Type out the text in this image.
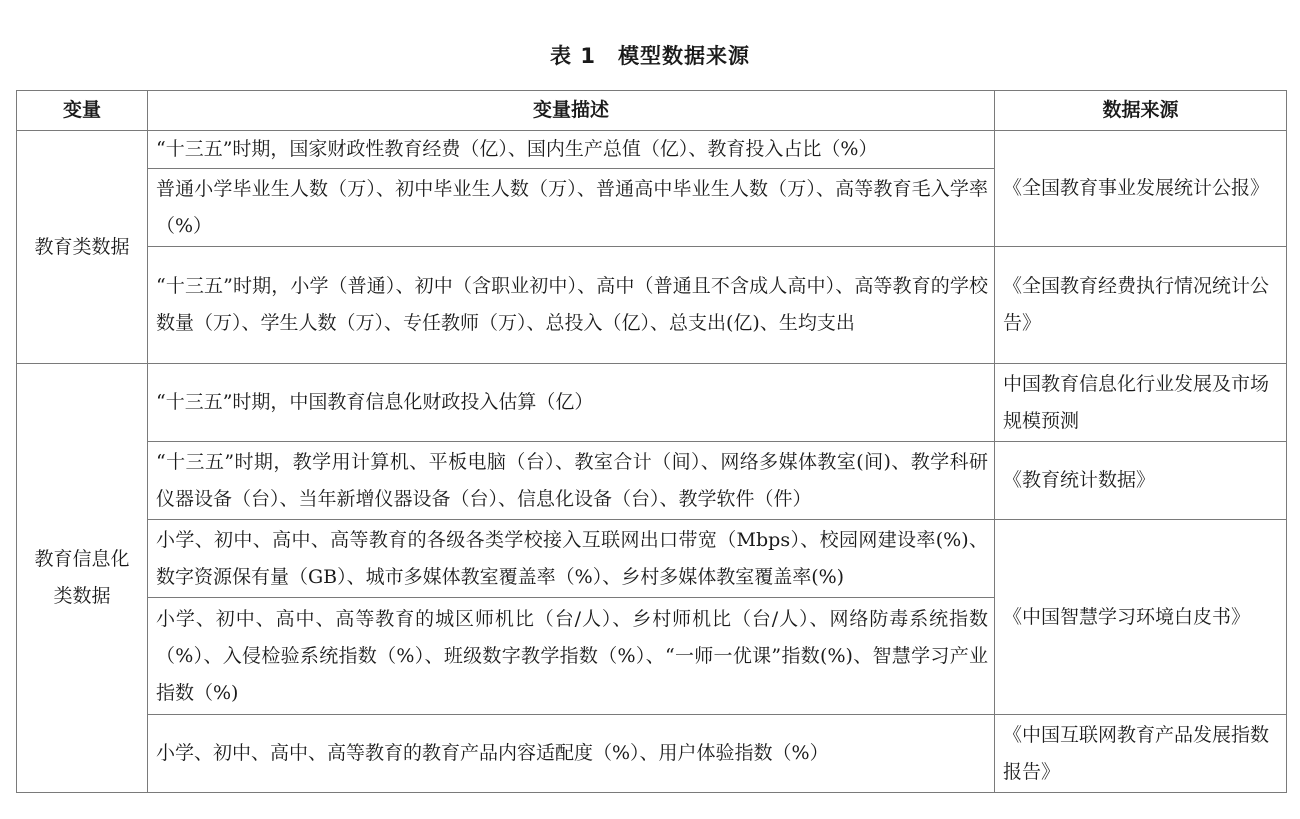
表 1 模型数据来源
变量	变量描述	数据来源
教育类数据	“十三五”时期，国家财政性教育经费（亿）、国内生产总值（亿）、教育投入占比（%）	《全国教育事业发展统计公报》
	普通小学毕业生人数（万）、初中毕业生人数（万）、普通高中毕业生人数（万）、高等教育毛入学率（%）	
	“十三五”时期，小学（普通）、初中（含职业初中）、高中（普通且不含成人高中）、高等教育的学校数量（万）、学生人数（万）、专任教师（万）、总投入（亿）、总支出(亿)、生均支出	《全国教育经费执行情况统计公告》
教育信息化类数据	“十三五”时期，中国教育信息化财政投入估算（亿）	中国教育信息化行业发展及市场规模预测
	“十三五”时期，教学用计算机、平板电脑（台）、教室合计（间）、网络多媒体教室(间)、教学科研仪器设备（台）、当年新增仪器设备（台）、信息化设备（台）、教学软件（件）	《教育统计数据》
	小学、初中、高中、高等教育的各级各类学校接入互联网出口带宽（Mbps）、校园网建设率(%)、数字资源保有量（GB）、城市多媒体教室覆盖率（%）、乡村多媒体教室覆盖率(%)	《中国智慧学习环境白皮书》
	小学、初中、高中、高等教育的城区师机比（台/人）、乡村师机比（台/人）、网络防毒系统指数（%）、入侵检验系统指数（%）、班级数字教学指数（%）、“一师一优课”指数(%)、智慧学习产业指数（%)	
	小学、初中、高中、高等教育的教育产品内容适配度（%）、用户体验指数（%）	《中国互联网教育产品发展指数报告》
